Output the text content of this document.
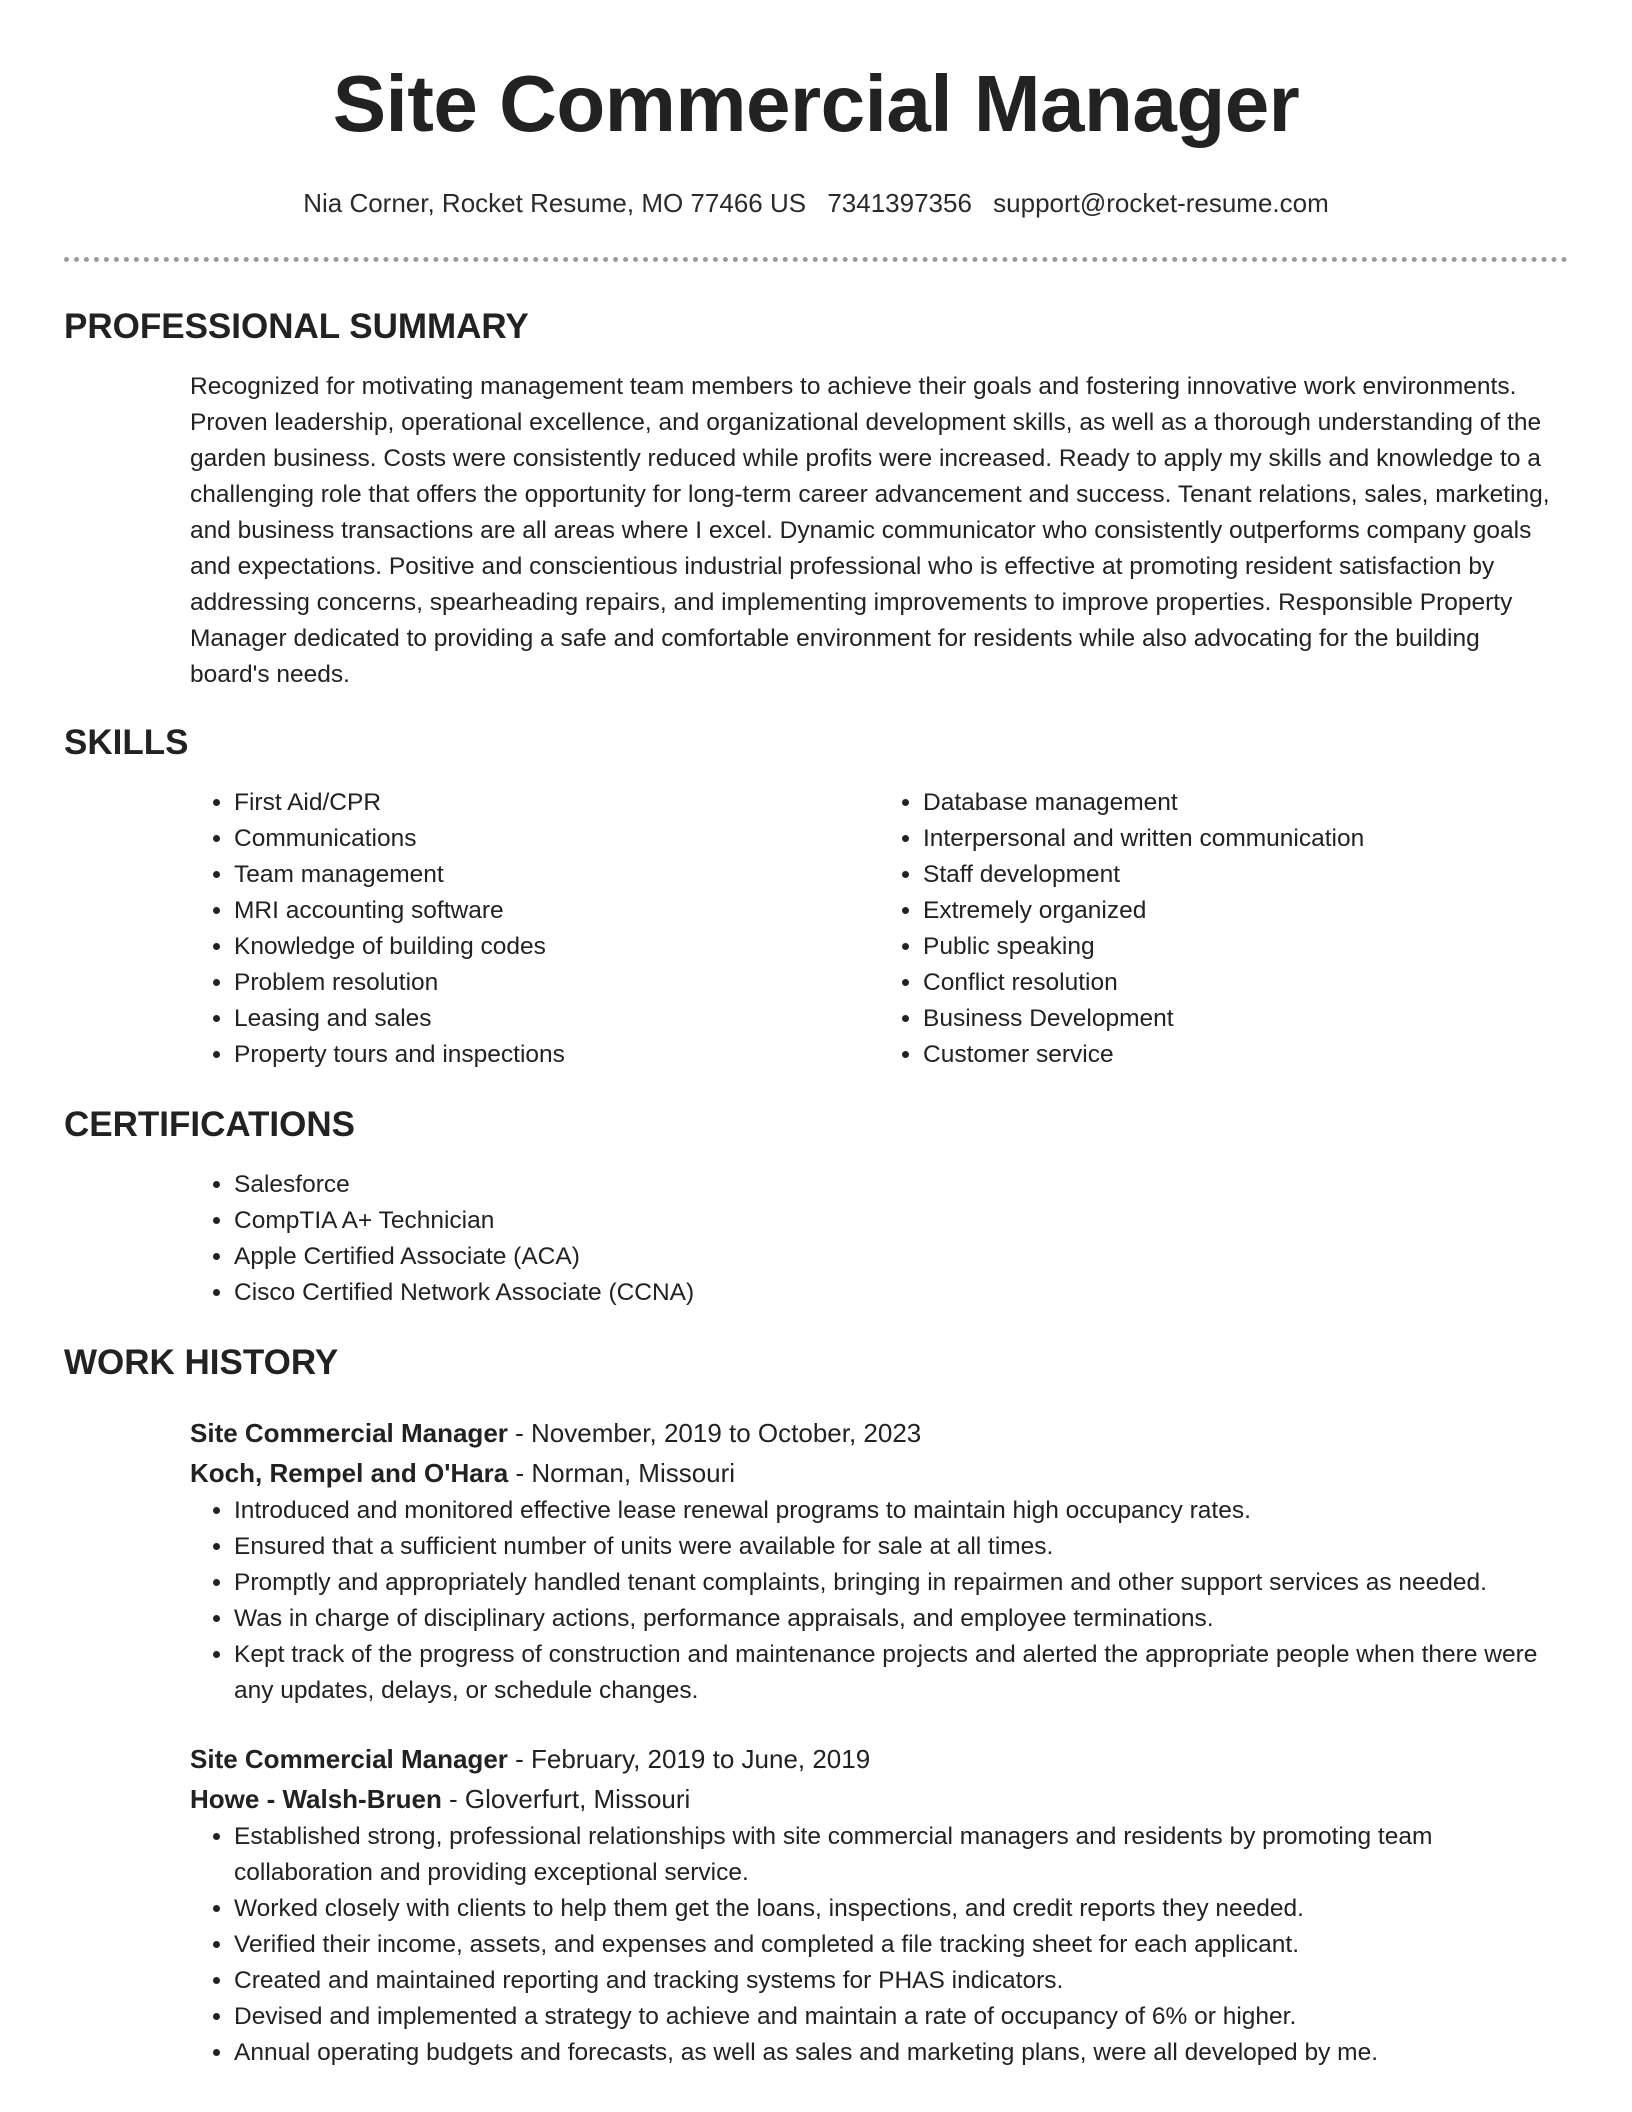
Site Commercial Manager
Nia Corner, Rocket Resume, MO 77466 US 7341397356 support@rocket-resume.com
PROFESSIONAL SUMMARY
Recognized for motivating management team members to achieve their goals and fostering innovative work environments. Proven leadership, operational excellence, and organizational development skills, as well as a thorough understanding of the garden business. Costs were consistently reduced while profits were increased. Ready to apply my skills and knowledge to a challenging role that offers the opportunity for long-term career advancement and success. Tenant relations, sales, marketing, and business transactions are all areas where I excel. Dynamic communicator who consistently outperforms company goals and expectations. Positive and conscientious industrial professional who is effective at promoting resident satisfaction by addressing concerns, spearheading repairs, and implementing improvements to improve properties. Responsible Property Manager dedicated to providing a safe and comfortable environment for residents while also advocating for the building board's needs.
SKILLS
• First Aid/CPR
• Communications
• Team management
• MRI accounting software
• Knowledge of building codes
• Problem resolution
• Leasing and sales
• Property tours and inspections
• Database management
• Interpersonal and written communication
• Staff development
• Extremely organized
• Public speaking
• Conflict resolution
• Business Development
• Customer service
CERTIFICATIONS
• Salesforce
• CompTIA A+ Technician
• Apple Certified Associate (ACA)
• Cisco Certified Network Associate (CCNA)
WORK HISTORY
Site Commercial Manager - November, 2019 to October, 2023
Koch, Rempel and O'Hara - Norman, Missouri
• Introduced and monitored effective lease renewal programs to maintain high occupancy rates.
• Ensured that a sufficient number of units were available for sale at all times.
• Promptly and appropriately handled tenant complaints, bringing in repairmen and other support services as needed.
• Was in charge of disciplinary actions, performance appraisals, and employee terminations.
• Kept track of the progress of construction and maintenance projects and alerted the appropriate people when there were any updates, delays, or schedule changes.
Site Commercial Manager - February, 2019 to June, 2019
Howe - Walsh-Bruen - Gloverfurt, Missouri
• Established strong, professional relationships with site commercial managers and residents by promoting team collaboration and providing exceptional service.
• Worked closely with clients to help them get the loans, inspections, and credit reports they needed.
• Verified their income, assets, and expenses and completed a file tracking sheet for each applicant.
• Created and maintained reporting and tracking systems for PHAS indicators.
• Devised and implemented a strategy to achieve and maintain a rate of occupancy of 6% or higher.
• Annual operating budgets and forecasts, as well as sales and marketing plans, were all developed by me.
